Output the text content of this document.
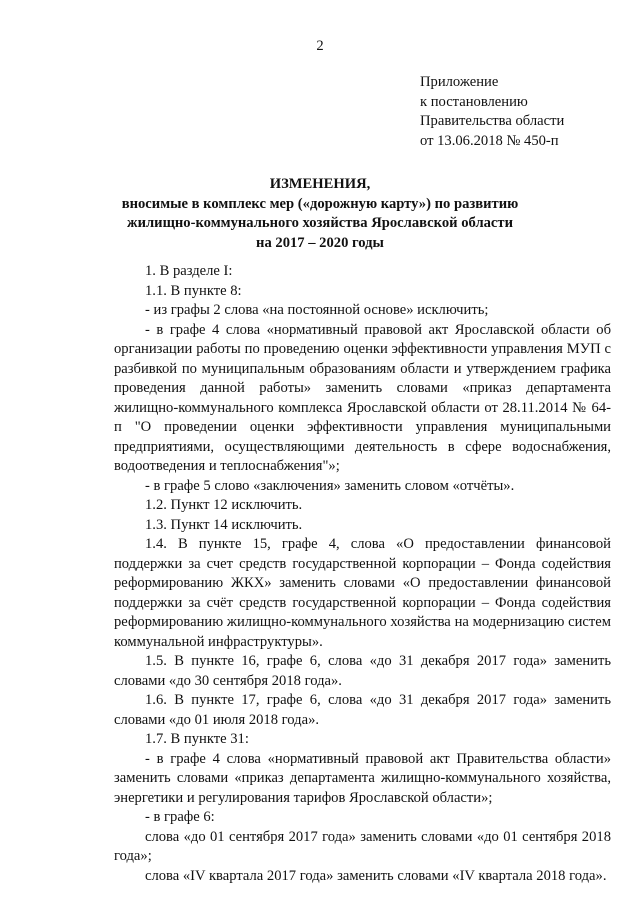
2
Приложение
к постановлению
Правительства области
от 13.06.2018 № 450-п
ИЗМЕНЕНИЯ,
вносимые в комплекс мер («дорожную карту») по развитию
жилищно-коммунального хозяйства Ярославской области
на 2017 – 2020 годы

1. В разделе I:

1.1. В пункте 8:

- из графы 2 слова «на постоянной основе» исключить;

- в графе 4 слова «нормативный правовой акт Ярославской области об организации работы по проведению оценки эффективности управления МУП с разбивкой по муниципальным образованиям области и утверждением графика проведения данной работы» заменить словами «приказ департамента жилищно-коммунального комплекса Ярославской области от 28.11.2014 № 64-п "О проведении оценки эффективности управления муниципальными предприятиями, осуществляющими деятельность в сфере водоснабжения, водоотведения и теплоснабжения"»;

- в графе 5 слово «заключения» заменить словом «отчёты».

1.2. Пункт 12 исключить.

1.3. Пункт 14 исключить.

1.4. В пункте 15, графе 4, слова «О предоставлении финансовой поддержки за счет средств государственной корпорации – Фонда содействия реформированию ЖКХ» заменить словами «О предоставлении финансовой поддержки за счёт средств государственной корпорации – Фонда содействия реформированию жилищно-коммунального хозяйства на модернизацию систем коммунальной инфраструктуры».

1.5. В пункте 16, графе 6, слова «до 31 декабря 2017 года» заменить словами «до 30 сентября 2018 года».

1.6. В пункте 17, графе 6, слова «до 31 декабря 2017 года» заменить словами «до 01 июля 2018 года».

1.7. В пункте 31:

- в графе 4 слова «нормативный правовой акт Правительства области» заменить словами «приказ департамента жилищно-коммунального хозяйства, энергетики и регулирования тарифов Ярославской области»;

- в графе 6:

слова «до 01 сентября 2017 года» заменить словами «до 01 сентября 2018 года»;

слова «IV квартала 2017 года» заменить словами «IV квартала 2018 года».
